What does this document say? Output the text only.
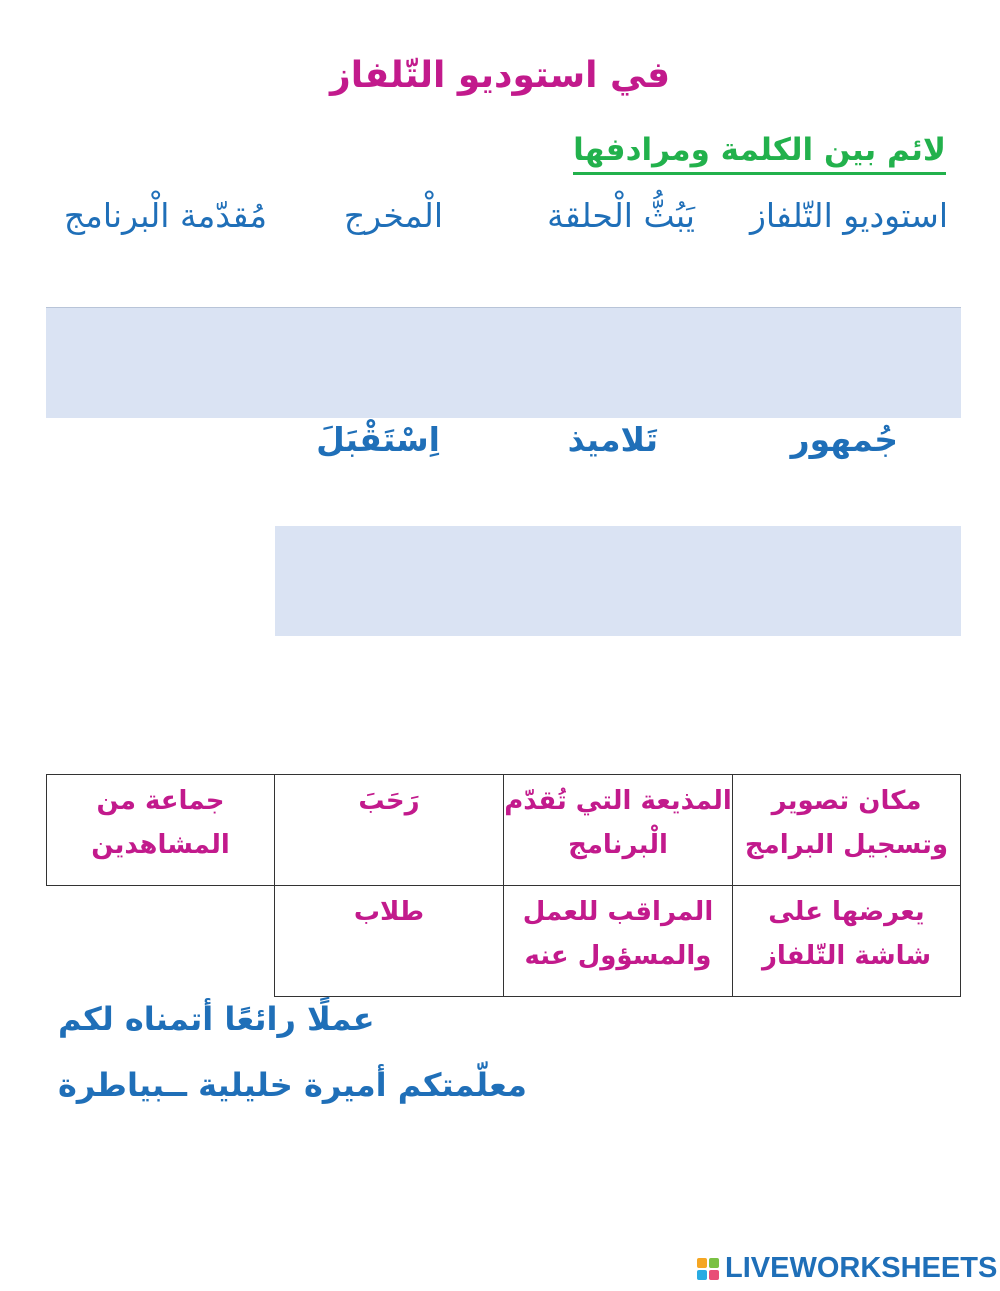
في استوديو التّلفاز
لائم بين الكلمة ومرادفها
استوديو التّلفاز
يَبُثُّ الْحلقة
الْمخرج
مُقدّمة الْبرنامج
جُمهور
تَلاميذ
اِسْتَقْبَلَ
مكان تصوير وتسجيل البرامج
المذيعة التي تُقدّم الْبرنامج
رَحَبَ
جماعة من المشاهدين
يعرضها على شاشة التّلفاز
المراقب للعمل والمسؤول عنه
طلاب
عملًا رائعًا أتمناه لكم
معلّمتكم أميرة خليلية ــبياطرة
LIVEWORKSHEETS
